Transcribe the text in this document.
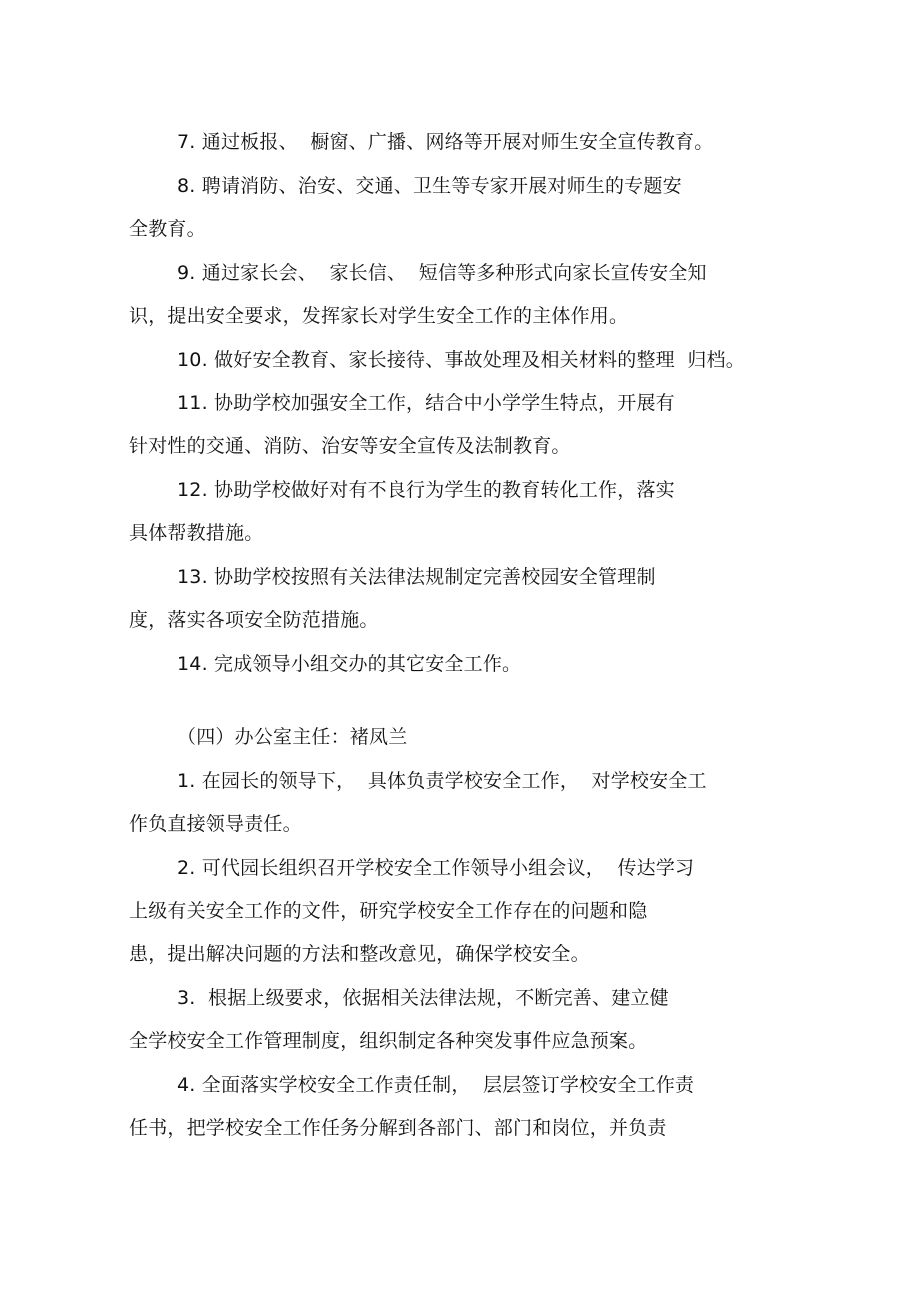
7. 通过板报、  橱窗、广播、网络等开展对师生安全宣传教育。
8. 聘请消防、治安、交通、卫生等专家开展对师生的专题安
全教育。
9. 通过家长会、  家长信、  短信等多种形式向家长宣传安全知
识，提出安全要求，发挥家长对学生安全工作的主体作用。
10. 做好安全教育、家长接待、事故处理及相关材料的整理  归档。
11. 协助学校加强安全工作，结合中小学学生特点，开展有
针对性的交通、消防、治安等安全宣传及法制教育。
12. 协助学校做好对有不良行为学生的教育转化工作，落实
具体帮教措施。
13. 协助学校按照有关法律法规制定完善校园安全管理制
度，落实各项安全防范措施。
14. 完成领导小组交办的其它安全工作。
（四）办公室主任：褚凤兰
1. 在园长的领导下，  具体负责学校安全工作，  对学校安全工
作负直接领导责任。
2. 可代园长组织召开学校安全工作领导小组会议，  传达学习
上级有关安全工作的文件，研究学校安全工作存在的问题和隐
患，提出解决问题的方法和整改意见，确保学校安全。
3.  根据上级要求，依据相关法律法规，不断完善、建立健
全学校安全工作管理制度，组织制定各种突发事件应急预案。
4. 全面落实学校安全工作责任制，  层层签订学校安全工作责
任书，把学校安全工作任务分解到各部门、部门和岗位，并负责
